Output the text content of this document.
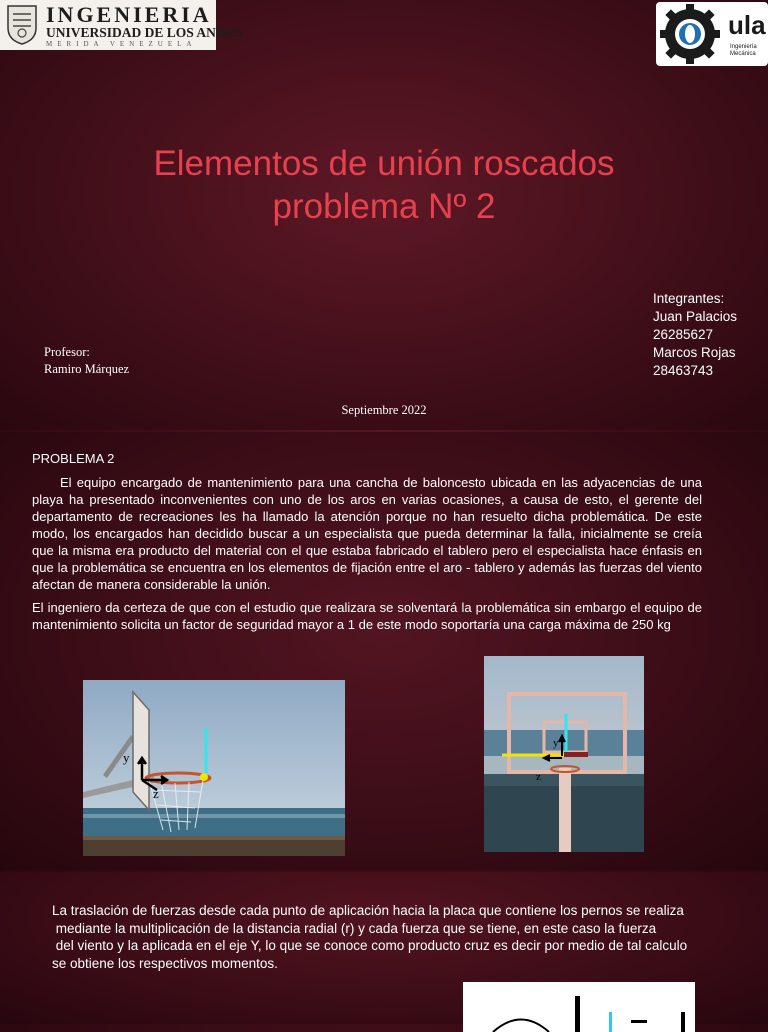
INGENIERIA
UNIVERSIDAD DE LOS ANDES
MERIDA VENEZUELA
ula
Ingeniería
Mecánica
Elementos de unión roscados
problema Nº 2
Profesor:
Ramiro Márquez
Integrantes:
Juan Palacios
26285627
Marcos Rojas
28463743
Septiembre 2022
PROBLEMA 2

El equipo encargado de mantenimiento para una cancha de baloncesto ubicada en las adyacencias de una playa ha presentado inconvenientes con uno de los aros en varias ocasiones, a causa de esto, el gerente del departamento de recreaciones les ha llamado la atención porque no han resuelto dicha problemática. De este modo, los encargados han decidido buscar a un especialista que pueda determinar la falla, inicialmente se creía que la misma era producto del material con el que estaba fabricado el tablero pero el especialista hace énfasis en que la problemática se encuentra en los elementos de fijación entre el aro - tablero y además las fuerzas del viento afectan de manera considerable la unión.

El ingeniero da certeza de que con el estudio que realizara se solventará la problemática sin embargo el equipo de mantenimiento solicita un factor de seguridad mayor a 1 de este modo soportaría una carga máxima de 250 kg

y
z
y
z
La traslación de fuerzas desde cada punto de aplicación hacia la placa que contiene los pernos se realiza
mediante la multiplicación de la distancia radial (r) y cada fuerza que se tiene, en este caso la fuerza
del viento y la aplicada en el eje Y, lo que se conoce como producto cruz es decir por medio de tal calculo
se obtiene los respectivos momentos.
